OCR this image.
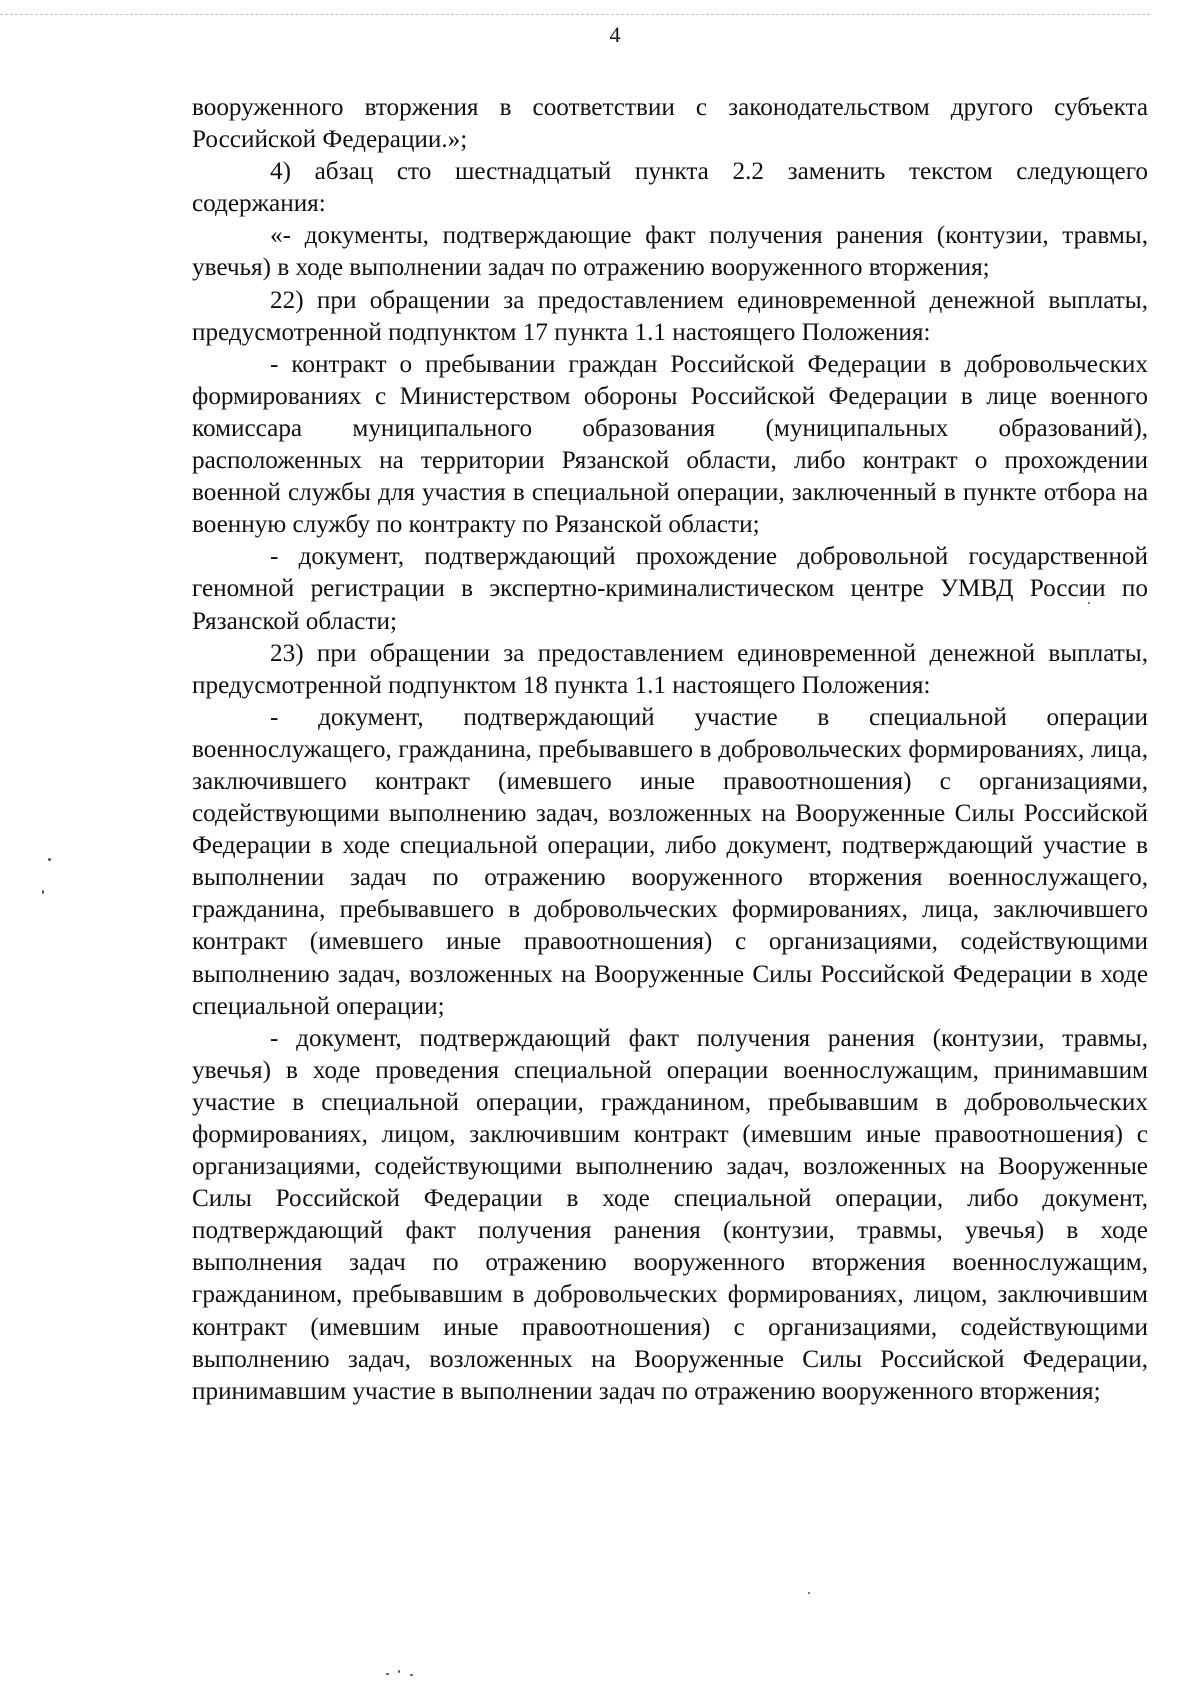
4

вооруженного вторжения в соответствии с законодательством другого субъекта Российской Федерации.»;

4) абзац сто шестнадцатый пункта 2.2 заменить текстом следующего содержания:

«- документы, подтверждающие факт получения ранения (контузии, травмы, увечья) в ходе выполнении задач по отражению вооруженного вторжения;

22) при обращении за предоставлением единовременной денежной выплаты, предусмотренной подпунктом 17 пункта 1.1 настоящего Положения:

- контракт о пребывании граждан Российской Федерации в добровольческих формированиях с Министерством обороны Российской Федерации в лице военного комиссара муниципального образования (муниципальных образований), расположенных на территории Рязанской области, либо контракт о прохождении военной службы для участия в специальной операции, заключенный в пункте отбора на военную службу по контракту по Рязанской области;

- документ, подтверждающий прохождение добровольной государственной геномной регистрации в экспертно-криминалистическом центре УМВД России по Рязанской области;

23) при обращении за предоставлением единовременной денежной выплаты, предусмотренной подпунктом 18 пункта 1.1 настоящего Положения:

- документ, подтверждающий участие в специальной операции военнослужащего, гражданина, пребывавшего в добровольческих формированиях, лица, заключившего контракт (имевшего иные правоотношения) с организациями, содействующими выполнению задач, возложенных на Вооруженные Силы Российской Федерации в ходе специальной операции, либо документ, подтверждающий участие в выполнении задач по отражению вооруженного вторжения военнослужащего, гражданина, пребывавшего в добровольческих формированиях, лица, заключившего контракт (имевшего иные правоотношения) с организациями, содействующими выполнению задач, возложенных на Вооруженные Силы Российской Федерации в ходе специальной операции;

- документ, подтверждающий факт получения ранения (контузии, травмы, увечья) в ходе проведения специальной операции военнослужащим, принимавшим участие в специальной операции, гражданином, пребывавшим в добровольческих формированиях, лицом, заключившим контракт (имевшим иные правоотношения) с организациями, содействующими выполнению задач, возложенных на Вооруженные Силы Российской Федерации в ходе специальной операции, либо документ, подтверждающий факт получения ранения (контузии, травмы, увечья) в ходе выполнения задач по отражению вооруженного вторжения военнослужащим, гражданином, пребывавшим в добровольческих формированиях, лицом, заключившим контракт (имевшим иные правоотношения) с организациями, содействующими выполнению задач, возложенных на Вооруженные Силы Российской Федерации, принимавшим участие в выполнении задач по отражению вооруженного вторжения;
